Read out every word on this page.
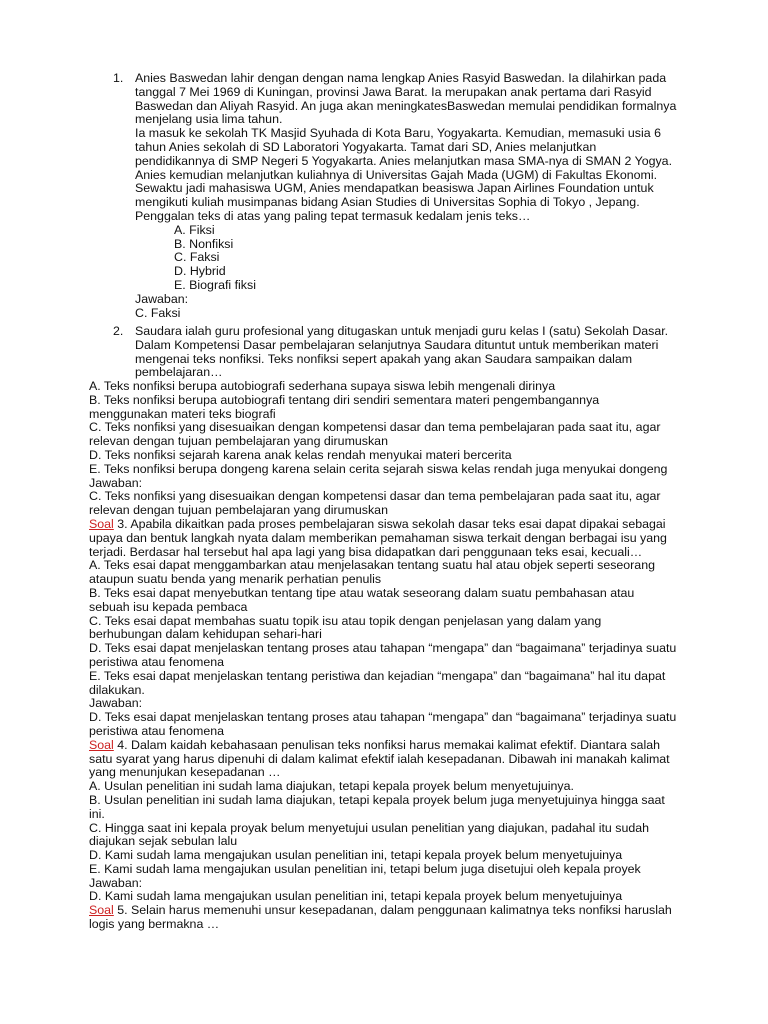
1. Anies Baswedan lahir dengan dengan nama lengkap Anies Rasyid Baswedan. Ia dilahirkan pada
tanggal 7 Mei 1969 di Kuningan, provinsi Jawa Barat. Ia merupakan anak pertama dari Rasyid
Baswedan dan Aliyah Rasyid. An juga akan meningkatesBaswedan memulai pendidikan formalnya
menjelang usia lima tahun.
Ia masuk ke sekolah TK Masjid Syuhada di Kota Baru, Yogyakarta. Kemudian, memasuki usia 6
tahun Anies sekolah di SD Laboratori Yogyakarta. Tamat dari SD, Anies melanjutkan
pendidikannya di SMP Negeri 5 Yogyakarta. Anies melanjutkan masa SMA-nya di SMAN 2 Yogya.
Anies kemudian melanjutkan kuliahnya di Universitas Gajah Mada (UGM) di Fakultas Ekonomi.
Sewaktu jadi mahasiswa UGM, Anies mendapatkan beasiswa Japan Airlines Foundation untuk
mengikuti kuliah musimpanas bidang Asian Studies di Universitas Sophia di Tokyo , Jepang.
Penggalan teks di atas yang paling tepat termasuk kedalam jenis teks…
A. Fiksi
B. Nonfiksi
C. Faksi
D. Hybrid
E. Biografi fiksi
Jawaban:
C. Faksi
2. Saudara ialah guru profesional yang ditugaskan untuk menjadi guru kelas I (satu) Sekolah Dasar.
Dalam Kompetensi Dasar pembelajaran selanjutnya Saudara dituntut untuk memberikan materi
mengenai teks nonfiksi. Teks nonfiksi sepert apakah yang akan Saudara sampaikan dalam
pembelajaran…
A. Teks nonfiksi berupa autobiografi sederhana supaya siswa lebih mengenali dirinya
B. Teks nonfiksi berupa autobiografi tentang diri sendiri sementara materi pengembangannya
menggunakan materi teks biografi
C. Teks nonfiksi yang disesuaikan dengan kompetensi dasar dan tema pembelajaran pada saat itu, agar
relevan dengan tujuan pembelajaran yang dirumuskan
D. Teks nonfiksi sejarah karena anak kelas rendah menyukai materi bercerita
E. Teks nonfiksi berupa dongeng karena selain cerita sejarah siswa kelas rendah juga menyukai dongeng
Jawaban:
C. Teks nonfiksi yang disesuaikan dengan kompetensi dasar dan tema pembelajaran pada saat itu, agar
relevan dengan tujuan pembelajaran yang dirumuskan
Soal 3. Apabila dikaitkan pada proses pembelajaran siswa sekolah dasar teks esai dapat dipakai sebagai
upaya dan bentuk langkah nyata dalam memberikan pemahaman siswa terkait dengan berbagai isu yang
terjadi. Berdasar hal tersebut hal apa lagi yang bisa didapatkan dari penggunaan teks esai, kecuali…
A. Teks esai dapat menggambarkan atau menjelasakan tentang suatu hal atau objek seperti seseorang
ataupun suatu benda yang menarik perhatian penulis
B. Teks esai dapat menyebutkan tentang tipe atau watak seseorang dalam suatu pembahasan atau
sebuah isu kepada pembaca
C. Teks esai dapat membahas suatu topik isu atau topik dengan penjelasan yang dalam yang
berhubungan dalam kehidupan sehari-hari
D. Teks esai dapat menjelaskan tentang proses atau tahapan “mengapa” dan “bagaimana” terjadinya suatu
peristiwa atau fenomena
E. Teks esai dapat menjelaskan tentang peristiwa dan kejadian “mengapa” dan “bagaimana” hal itu dapat
dilakukan.
Jawaban:
D. Teks esai dapat menjelaskan tentang proses atau tahapan “mengapa” dan “bagaimana” terjadinya suatu
peristiwa atau fenomena
Soal 4. Dalam kaidah kebahasaan penulisan teks nonfiksi harus memakai kalimat efektif. Diantara salah
satu syarat yang harus dipenuhi di dalam kalimat efektif ialah kesepadanan. Dibawah ini manakah kalimat
yang menunjukan kesepadanan …
A. Usulan penelitian ini sudah lama diajukan, tetapi kepala proyek belum menyetujuinya.
B. Usulan penelitian ini sudah lama diajukan, tetapi kepala proyek belum juga menyetujuinya hingga saat
ini.
C. Hingga saat ini kepala proyak belum menyetujui usulan penelitian yang diajukan, padahal itu sudah
diajukan sejak sebulan lalu
D. Kami sudah lama mengajukan usulan penelitian ini, tetapi kepala proyek belum menyetujuinya
E. Kami sudah lama mengajukan usulan penelitian ini, tetapi belum juga disetujui oleh kepala proyek
Jawaban:
D. Kami sudah lama mengajukan usulan penelitian ini, tetapi kepala proyek belum menyetujuinya
Soal 5. Selain harus memenuhi unsur kesepadanan, dalam penggunaan kalimatnya teks nonfiksi haruslah
logis yang bermakna …
